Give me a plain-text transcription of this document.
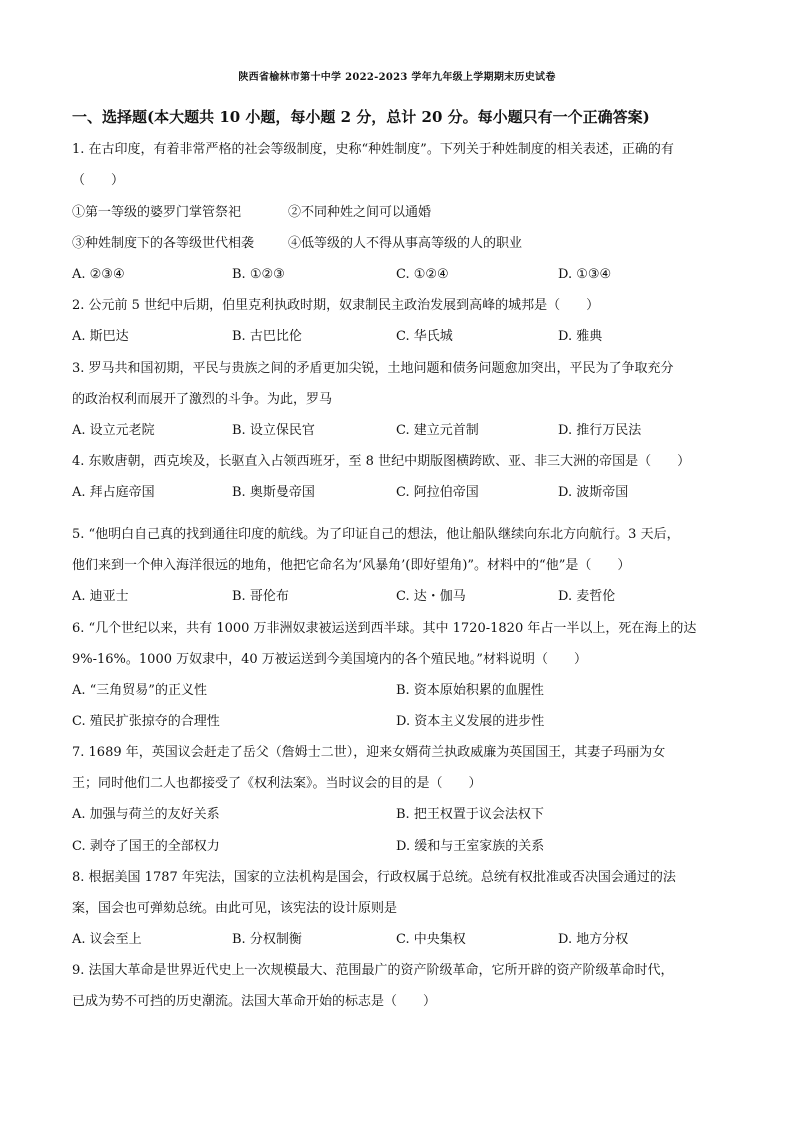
陕西省榆林市第十中学 2022-2023 学年九年级上学期期末历史试卷
一、选择题(本大题共 10 小题，每小题 2 分，总计 20 分。每小题只有一个正确答案)
1. 在古印度，有着非常严格的社会等级制度，史称“种姓制度”。下列关于种姓制度的相关表述，正确的有
（　　）
①第一等级的婆罗门掌管祭祀	②不同种姓之间可以通婚
③种姓制度下的各等级世代相袭	④低等级的人不得从事高等级的人的职业
A. ②③④	B. ①②③	C. ①②④	D. ①③④
2. 公元前 5 世纪中后期，伯里克利执政时期，奴隶制民主政治发展到高峰的城邦是（　　）
A. 斯巴达	B. 古巴比伦	C. 华氏城	D. 雅典
3. 罗马共和国初期，平民与贵族之间的矛盾更加尖锐，土地问题和债务问题愈加突出，平民为了争取充分
的政治权利而展开了激烈的斗争。为此，罗马
A. 设立元老院	B. 设立保民官	C. 建立元首制	D. 推行万民法
4. 东败唐朝，西克埃及，长驱直入占领西班牙，至 8 世纪中期版图横跨欧、亚、非三大洲的帝国是（　　）
A. 拜占庭帝国	B. 奥斯曼帝国	C. 阿拉伯帝国	D. 波斯帝国
5. “他明白自己真的找到通往印度的航线。为了印证自己的想法，他让船队继续向东北方向航行。3 天后，
他们来到一个伸入海洋很远的地角，他把它命名为‘风暴角’(即好望角)”。材料中的“他”是（　　）
A. 迪亚士	B. 哥伦布	C. 达・伽马	D. 麦哲伦
6. “几个世纪以来，共有 1000 万非洲奴隶被运送到西半球。其中 1720-1820 年占一半以上，死在海上的达
9%-16%。1000 万奴隶中，40 万被运送到今美国境内的各个殖民地。”材料说明（　　）
A. “三角贸易”的正义性	B. 资本原始积累的血腥性
C. 殖民扩张掠夺的合理性	D. 资本主义发展的进步性
7. 1689 年，英国议会赶走了岳父（詹姆士二世），迎来女婿荷兰执政威廉为英国国王，其妻子玛丽为女
王；同时他们二人也都接受了《权利法案》。当时议会的目的是（　　）
A. 加强与荷兰的友好关系	B. 把王权置于议会法权下
C. 剥夺了国王的全部权力	D. 缓和与王室家族的关系
8. 根据美国 1787 年宪法，国家的立法机构是国会，行政权属于总统。总统有权批准或否决国会通过的法
案，国会也可弹劾总统。由此可见，该宪法的设计原则是
A. 议会至上	B. 分权制衡	C. 中央集权	D. 地方分权
9. 法国大革命是世界近代史上一次规模最大、范围最广的资产阶级革命，它所开辟的资产阶级革命时代，
已成为势不可挡的历史潮流。法国大革命开始的标志是（　　）
